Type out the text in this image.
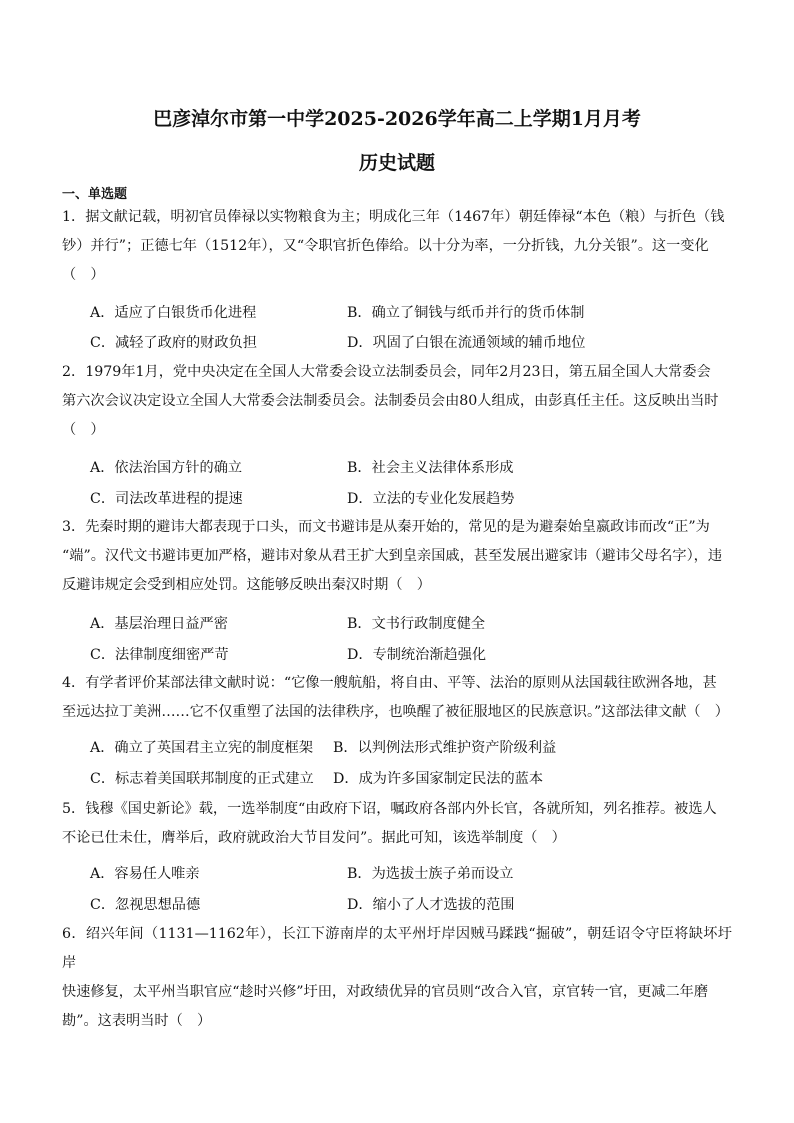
巴彦淖尔市第一中学2025-2026学年高二上学期1月月考
历史试题
一、单选题
1．据文献记载，明初官员俸禄以实物粮食为主；明成化三年（1467年）朝廷俸禄“本色（粮）与折色（钱
钞）并行”；正德七年（1512年），又“令职官折色俸给。以十分为率，一分折钱，九分关银”。这一变化
（　）
A．适应了白银货币化进程	B．确立了铜钱与纸币并行的货币体制
C．减轻了政府的财政负担	D．巩固了白银在流通领域的辅币地位
2．1979年1月，党中央决定在全国人大常委会设立法制委员会，同年2月23日，第五届全国人大常委会
第六次会议决定设立全国人大常委会法制委员会。法制委员会由80人组成，由彭真任主任。这反映出当时
（　）
A．依法治国方针的确立	B．社会主义法律体系形成
C．司法改革进程的提速	D．立法的专业化发展趋势
3．先秦时期的避讳大都表现于口头，而文书避讳是从秦开始的，常见的是为避秦始皇嬴政讳而改“正”为
“端”。汉代文书避讳更加严格，避讳对象从君王扩大到皇亲国戚，甚至发展出避家讳（避讳父母名字），违
反避讳规定会受到相应处罚。这能够反映出秦汉时期（　）
A．基层治理日益严密	B．文书行政制度健全
C．法律制度细密严苛	D．专制统治渐趋强化
4．有学者评价某部法律文献时说：“它像一艘航船，将自由、平等、法治的原则从法国载往欧洲各地，甚
至远达拉丁美洲……它不仅重塑了法国的法律秩序，也唤醒了被征服地区的民族意识。”这部法律文献（　）
A．确立了英国君主立宪的制度框架 B．以判例法形式维护资产阶级利益
C．标志着美国联邦制度的正式建立 D．成为许多国家制定民法的蓝本
5．钱穆《国史新论》载，一选举制度“由政府下诏，嘱政府各部内外长官，各就所知，列名推荐。被选人
不论已仕未仕，膺举后，政府就政治大节目发问”。据此可知，该选举制度（　）
A．容易任人唯亲	B．为选拔士族子弟而设立
C．忽视思想品德	D．缩小了人才选拔的范围
6．绍兴年间（1131—1162年），长江下游南岸的太平州圩岸因贼马蹂践“掘破”，朝廷诏令守臣将缺坏圩岸
快速修复，太平州当职官应“趁时兴修”圩田，对政绩优异的官员则“改合入官，京官转一官，更减二年磨
勘”。这表明当时（　）
